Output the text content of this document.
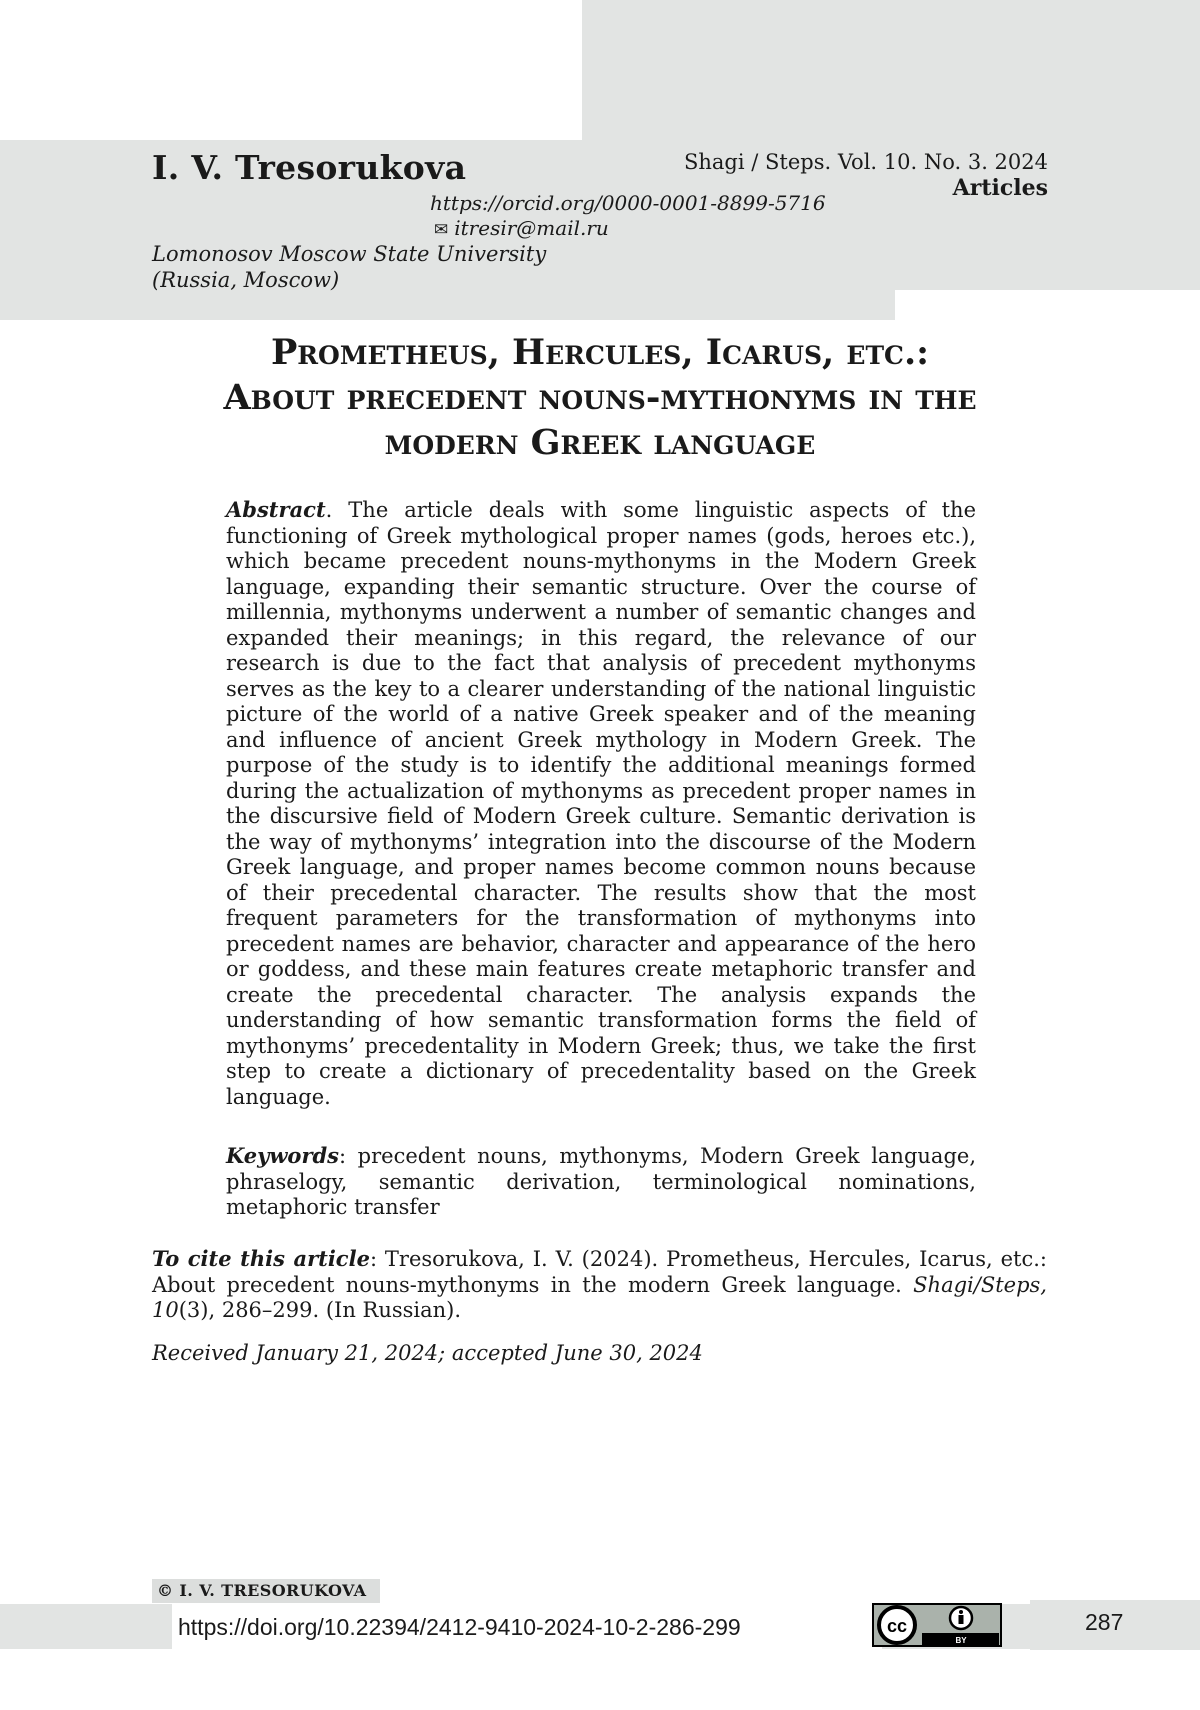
I. V. Tresorukova	Shagi / Steps. Vol. 10. No. 3. 2024
Articles
https://orcid.org/0000-0001-8899-5716
✉ itresir@mail.ru
Lomonosov Moscow State University
(Russia, Moscow)
Prometheus, Hercules, Icarus, etc.:
About precedent nouns-mythonyms in the
modern Greek language
Abstract. The article deals with some linguistic aspects of the functioning of Greek mythological proper names (gods, heroes etc.), which became precedent nouns-mythonyms in the Modern Greek language, expanding their semantic structure. Over the course of millennia, mythonyms underwent a number of semantic changes and expanded their meanings; in this regard, the relevance of our research is due to the fact that analysis of precedent mythonyms serves as the key to a clearer understanding of the national linguistic picture of the world of a native Greek speaker and of the meaning and influence of ancient Greek mythology in Modern Greek. The purpose of the study is to identify the additional meanings formed during the actualization of mythonyms as precedent proper names in the discursive field of Modern Greek culture. Semantic derivation is the way of mythonyms’ integration into the discourse of the Modern Greek language, and proper names become common nouns because of their precedental character. The results show that the most frequent parameters for the transformation of mythonyms into precedent names are behavior, character and appearance of the hero or goddess, and these main features create metaphoric transfer and create the precedental character. The analysis expands the understanding of how semantic transformation forms the field of mythonyms’ precedentality in Modern Greek; thus, we take the first step to create a dictionary of precedentality based on the Greek language.
Keywords: precedent nouns, mythonyms, Modern Greek language, phraselogy, semantic derivation, terminological nominations, metaphoric transfer
To cite this article: Tresorukova, I. V. (2024). Prometheus, Hercules, Icarus, etc.: About precedent nouns-mythonyms in the modern Greek language. Shagi/Steps, 10(3), 286–299. (In Russian).
Received January 21, 2024; accepted June 30, 2024
© I. V. TRESORUKOVA
https://doi.org/10.22394/2412-9410-2024-10-2-286-299	cc
BY
287
